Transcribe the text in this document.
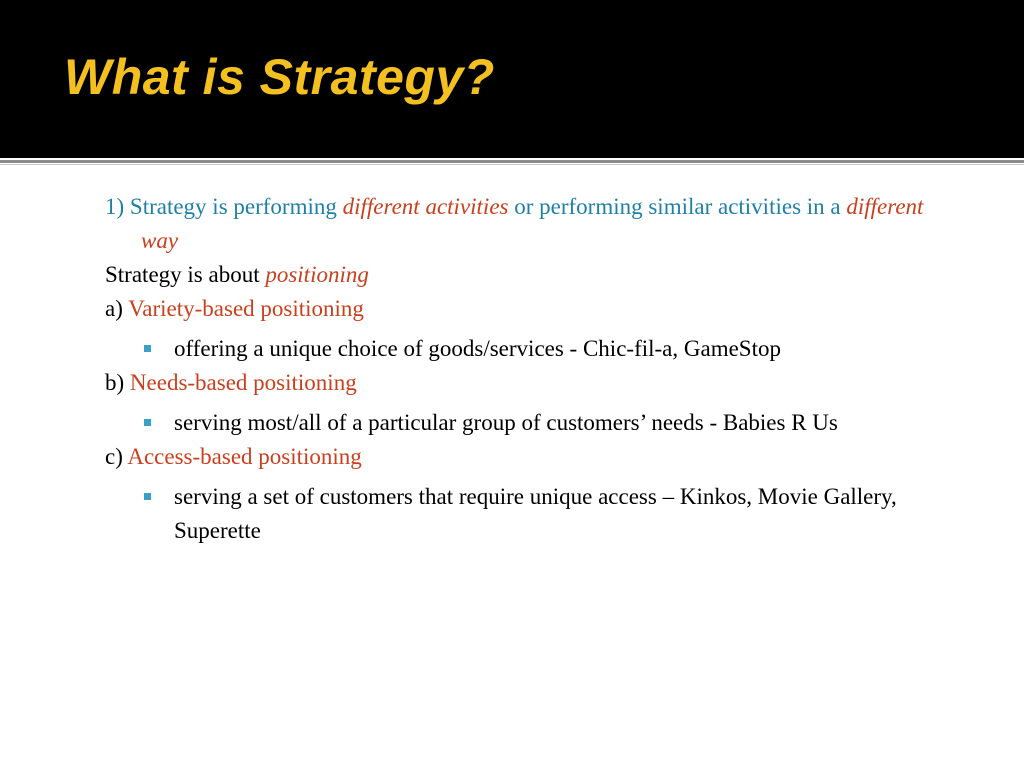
What is Strategy?

1) Strategy is performing different activities or performing similar activities in a different way

Strategy is about positioning

a) Variety-based positioning

offering a unique choice of goods/services - Chic-fil-a, GameStop

b) Needs-based positioning

serving most/all of a particular group of customers’ needs - Babies R Us

c) Access-based positioning

serving a set of customers that require unique access – Kinkos, Movie Gallery, Superette
